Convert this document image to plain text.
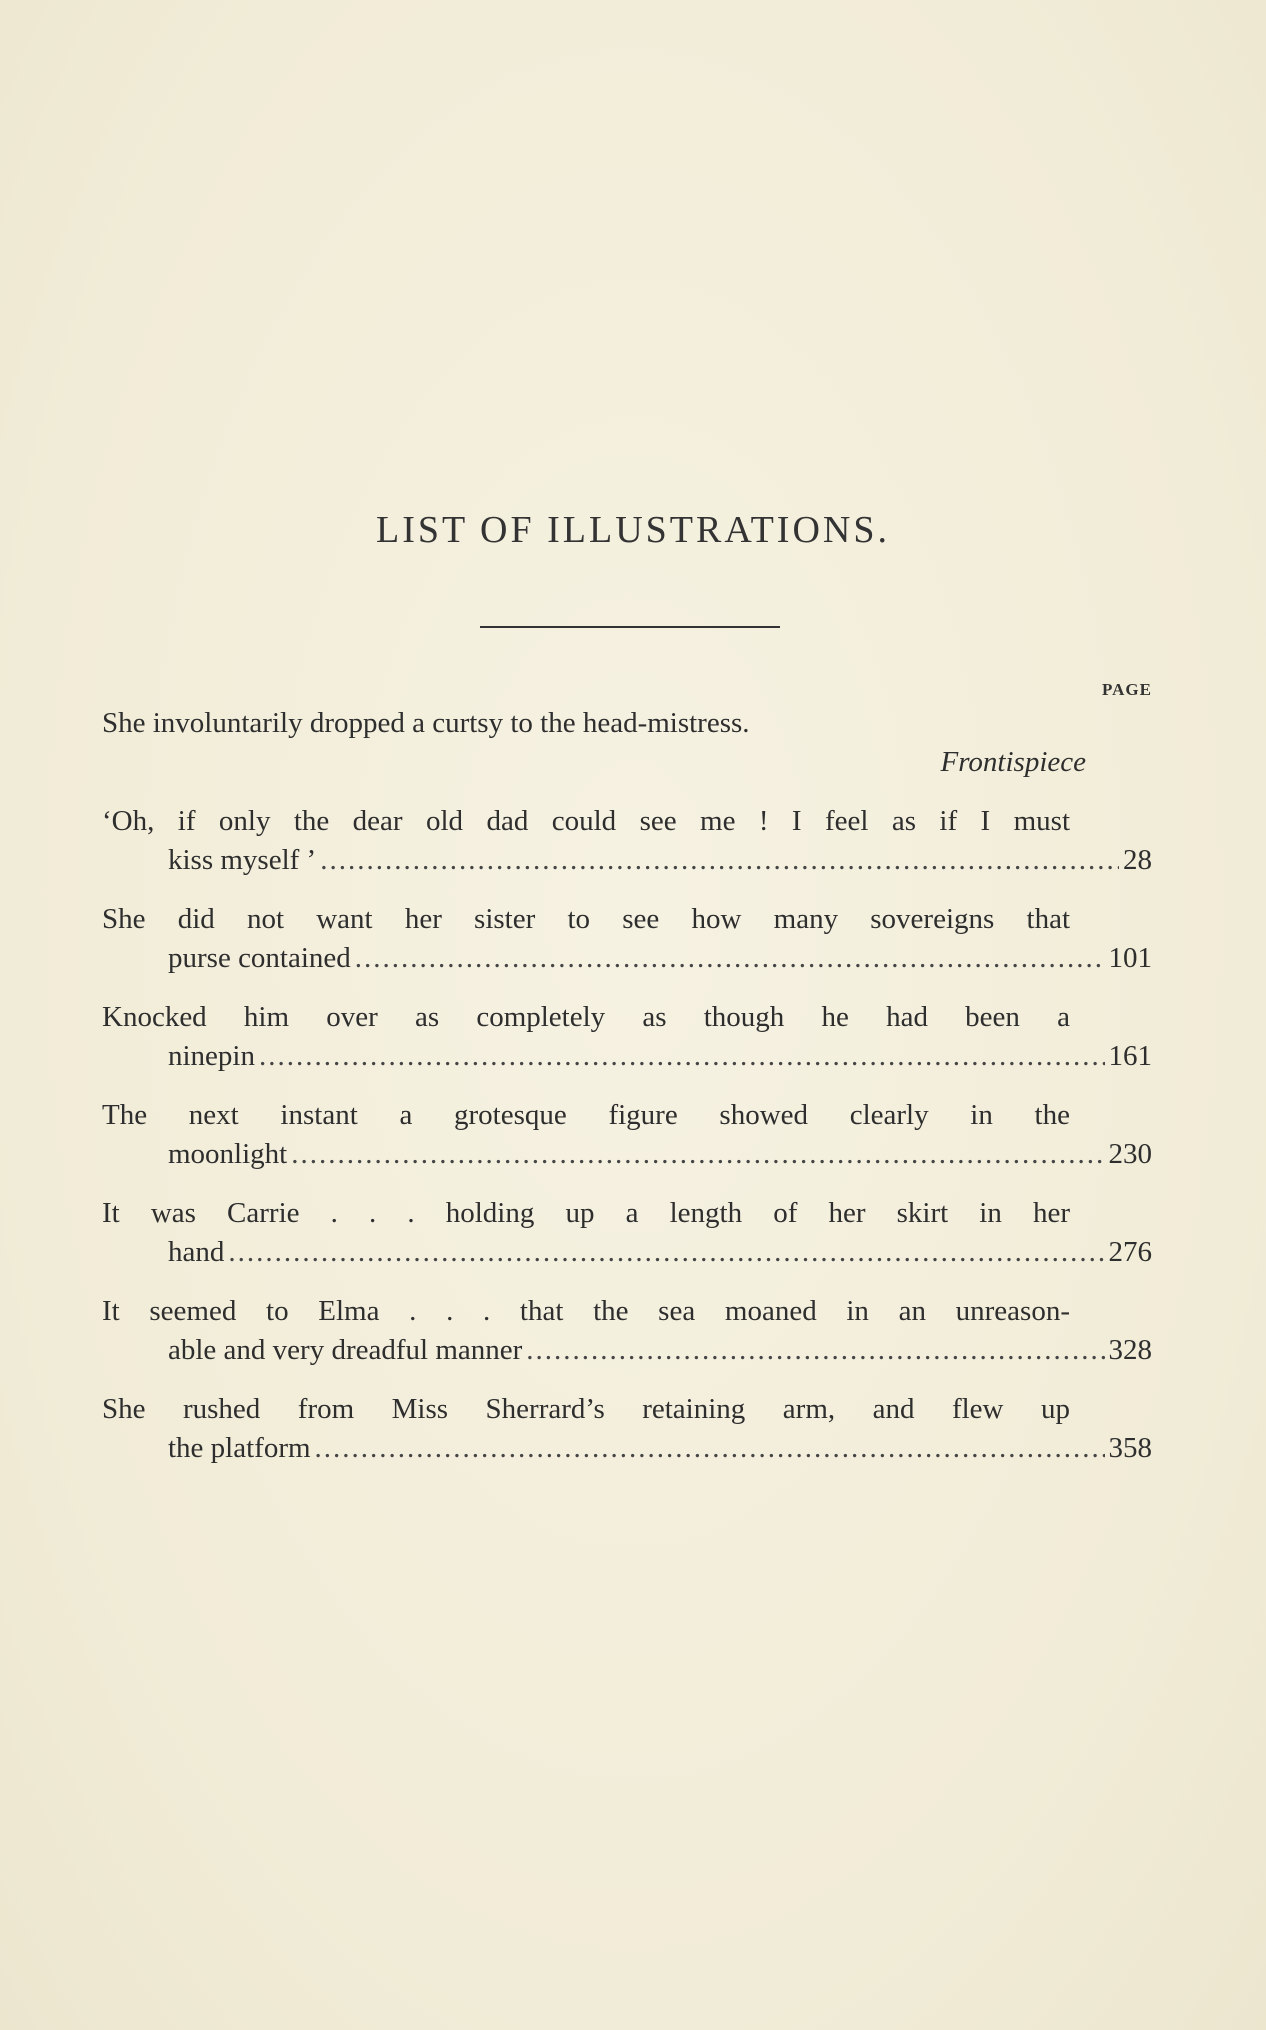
LIST OF ILLUSTRATIONS.
PAGE
She involuntarily dropped a curtsy to the head-mistress.
Frontispiece
‘Oh, if only the dear old dad could see me ! I feel as if I must
kiss myself ’ .....	28
She did not want her sister to see how many sovereigns that
purse contained .....	101
Knocked him over as completely as though he had been a
ninepin .....	161
The next instant a grotesque figure showed clearly in the
moonlight .....	230
It was Carrie . . . holding up a length of her skirt in her
hand .....	276
It seemed to Elma . . . that the sea moaned in an unreason-
able and very dreadful manner .....	328
She rushed from Miss Sherrard’s retaining arm, and flew up
the platform .....	358
